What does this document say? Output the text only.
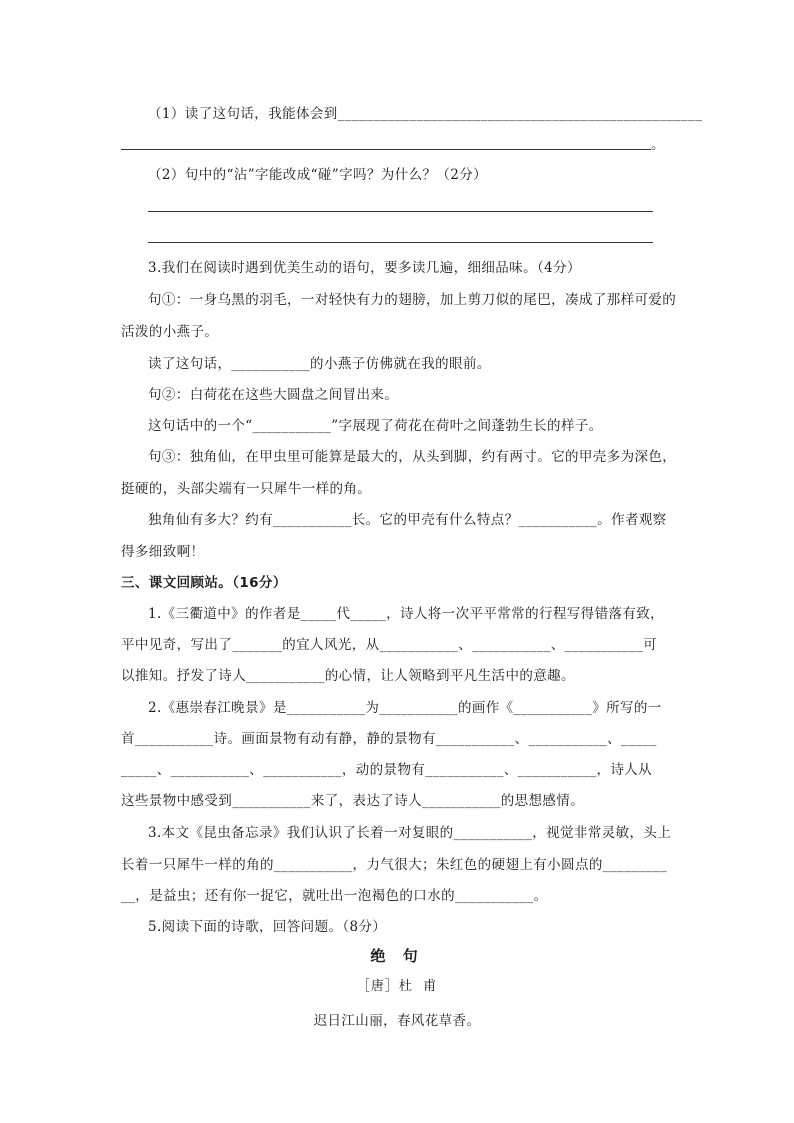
（1）读了这句话，我能体会到___________________________________________________
。
（2）句中的“沾”字能改成“碰”字吗？为什么？（2分）
3.我们在阅读时遇到优美生动的语句，要多读几遍，细细品味。（4分）
句①：一身乌黑的羽毛，一对轻快有力的翅膀，加上剪刀似的尾巴，凑成了那样可爱的
活泼的小燕子。
读了这句话，___________的小燕子仿佛就在我的眼前。
句②：白荷花在这些大圆盘之间冒出来。
这句话中的一个“___________”字展现了荷花在荷叶之间蓬勃生长的样子。
句③：独角仙，在甲虫里可能算是最大的，从头到脚，约有两寸。它的甲壳多为深色，
挺硬的，头部尖端有一只犀牛一样的角。
独角仙有多大？约有___________长。它的甲壳有什么特点？___________。作者观察
得多细致啊！
三、课文回顾站。（16分）
1.《三衢道中》的作者是_____代_____，诗人将一次平平常常的行程写得错落有致，
平中见奇，写出了_______的宜人风光，从___________、___________、___________可
以推知。抒发了诗人___________的心情，让人领略到平凡生活中的意趣。
2.《惠崇春江晚景》是___________为___________的画作《___________》所写的一
首___________诗。画面景物有动有静，静的景物有___________、___________、_____
_____、___________、___________，动的景物有___________、___________，诗人从
这些景物中感受到___________来了，表达了诗人___________的思想感情。
3.本文《昆虫备忘录》我们认识了长着一对复眼的___________，视觉非常灵敏，头上
长着一只犀牛一样的角的___________，力气很大；朱红色的硬翅上有小圆点的_________
__，是益虫；还有你一捉它，就吐出一泡褐色的口水的___________。
5.阅读下面的诗歌，回答问题。（8分）
绝 句
［唐］杜  甫
迟日江山丽，春风花草香。
